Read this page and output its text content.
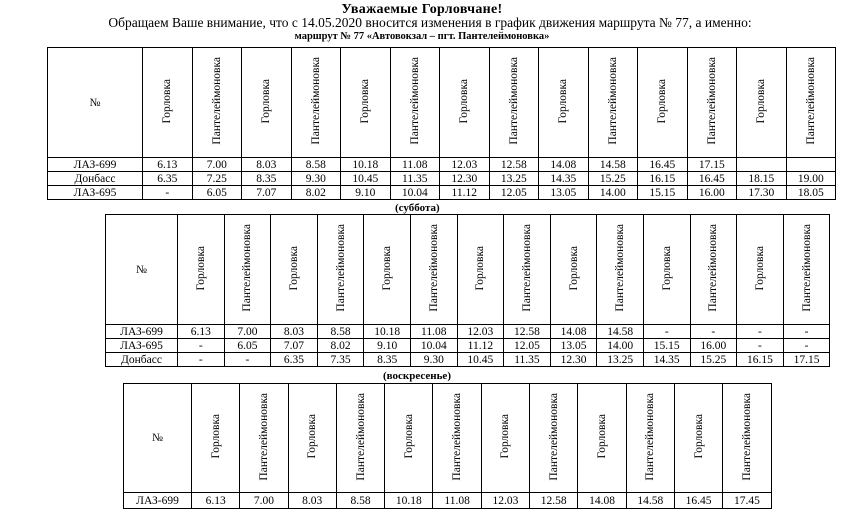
Уважаемые Горловчане!
Обращаем Ваше внимание, что с 14.05.2020 вносится изменения в график движения маршрута № 77, а именно:
маршрут № 77 «Автовокзал – пгт. Пантелеймоновка»
№	Горловка	Пантелеймоновка	Горловка	Пантелеймоновка	Горловка	Пантелеймоновка	Горловка	Пантелеймоновка	Горловка	Пантелеймоновка	Горловка	Пантелеймоновка	Горловка	Пантелеймоновка
ЛАЗ-699	6.13	7.00	8.03	8.58	10.18	11.08	12.03	12.58	14.08	14.58	16.45	17.15		
Донбасс	6.35	7.25	8.35	9.30	10.45	11.35	12.30	13.25	14.35	15.25	16.15	16.45	18.15	19.00
ЛАЗ-695	-	6.05	7.07	8.02	9.10	10.04	11.12	12.05	13.05	14.00	15.15	16.00	17.30	18.05
(суббота)
№	Горловка	Пантелеймоновка	Горловка	Пантелеймоновка	Горловка	Пантелеймоновка	Горловка	Пантелеймоновка	Горловка	Пантелеймоновка	Горловка	Пантелеймоновка	Горловка	Пантелеймоновка
ЛАЗ-699	6.13	7.00	8.03	8.58	10.18	11.08	12.03	12.58	14.08	14.58	-	-	-	-
ЛАЗ-695	-	6.05	7.07	8.02	9.10	10.04	11.12	12.05	13.05	14.00	15.15	16.00	-	-
Донбасс	-	-	6.35	7.35	8.35	9.30	10.45	11.35	12.30	13.25	14.35	15.25	16.15	17.15
(воскресенье)
№	Горловка	Пантелеймоновка	Горловка	Пантелеймоновка	Горловка	Пантелеймоновка	Горловка	Пантелеймоновка	Горловка	Пантелеймоновка	Горловка	Пантелеймоновка
ЛАЗ-699	6.13	7.00	8.03	8.58	10.18	11.08	12.03	12.58	14.08	14.58	16.45	17.45
